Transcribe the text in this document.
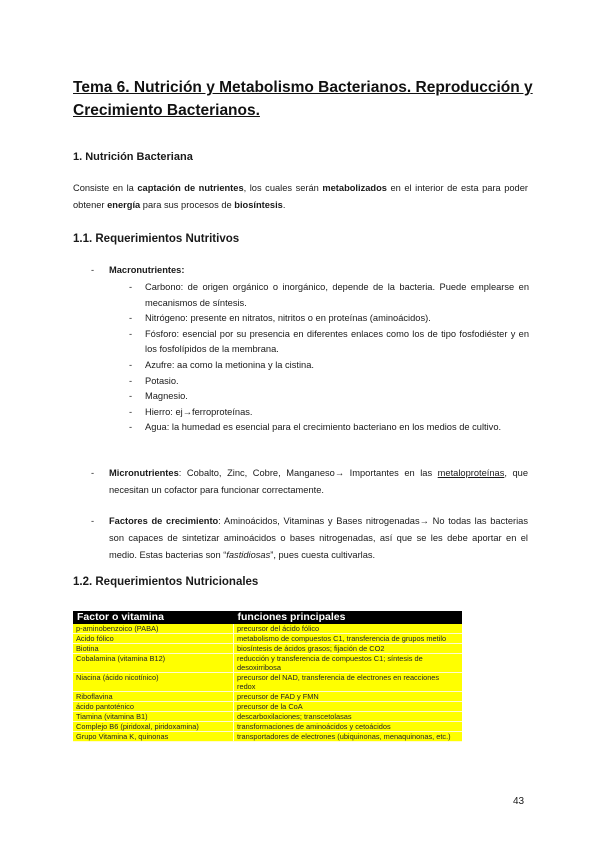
Tema 6. Nutrición y Metabolismo Bacterianos. Reproducción y Crecimiento Bacterianos.
1. Nutrición Bacteriana

Consiste en la captación de nutrientes, los cuales serán metabolizados en el interior de esta para poder obtener energía para sus procesos de biosíntesis.

1.1. Requerimientos Nutritivos
- Macronutrientes:

- Carbono: de origen orgánico o inorgánico, depende de la bacteria. Puede emplearse en mecanismos de síntesis.
- Nitrógeno: presente en nitratos, nitritos o en proteínas (aminoácidos).
- Fósforo: esencial por su presencia en diferentes enlaces como los de tipo fosfodiéster y en los fosfolípidos de la membrana.
- Azufre: aa como la metionina y la cistina.
- Potasio.
- Magnesio.
- Hierro: ej→ferroproteínas.
- Agua: la humedad es esencial para el crecimiento bacteriano en los medios de cultivo.
- Micronutrientes: Cobalto, Zinc, Cobre, Manganeso→ Importantes en las metaloproteínas, que necesitan un cofactor para funcionar correctamente.

- Factores de crecimiento: Aminoácidos, Vitaminas y Bases nitrogenadas→ No todas las bacterias son capaces de sintetizar aminoácidos o bases nitrogenadas, así que se les debe aportar en el medio. Estas bacterias son “fastidiosas”, pues cuesta cultivarlas.

1.2. Requerimientos Nutricionales
Factor o vitamina	funciones principales
p-aminobenzoico (PABA)	precursor del ácido fólico
Acido fólico	metabolismo de compuestos C1, transferencia de grupos metilo
Biotina	biosíntesis de ácidos grasos; fijación de CO2
Cobalamina (vitamina B12)	reducción y transferencia de compuestos C1; síntesis de desoxirribosa
Niacina (ácido nicotínico)	precursor del NAD, transferencia de electrones en reacciones redox
Riboflavina	precursor de FAD y FMN
ácido pantoténico	precursor de la CoA
Tiamina (vitamina B1)	descarboxilaciones; transcetolasas
Complejo B6 (piridoxal, piridoxamina)	transformaciones de aminoácidos y cetoácidos
Grupo Vitamina K, quinonas	transportadores de electrones (ubiquinonas, menaquinonas, etc.)
43
